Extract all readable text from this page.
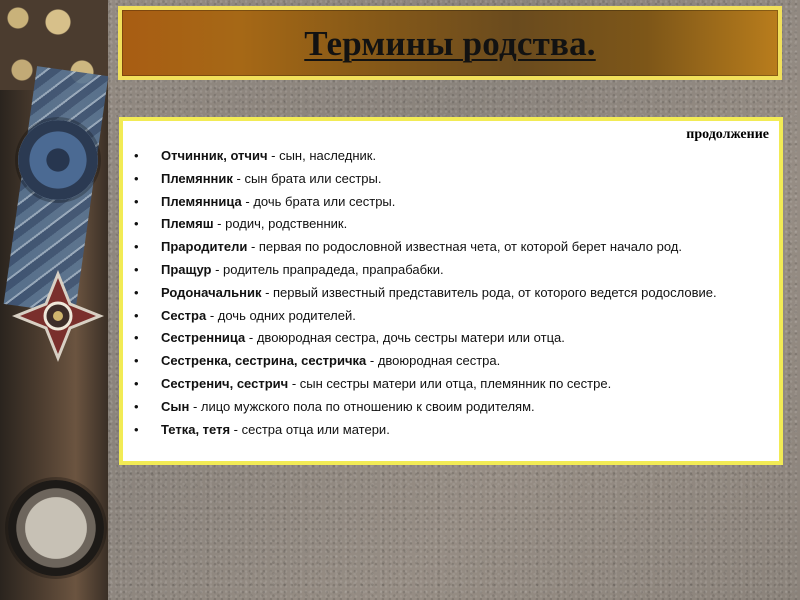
Термины родства.
продолжение
• Отчинник, отчич - сын, наследник.
• Племянник - сын брата или сестры.
• Племянница - дочь брата или сестры.
• Племяш - родич, родственник.
• Прародители - первая по родословной известная чета, от которой берет начало род.
• Пращур - родитель прапрадеда, прапрабабки.
• Родоначальник - первый известный представитель рода, от которого ведется родословие.
• Сестра - дочь одних родителей.
• Сестренница - двоюродная сестра, дочь сестры матери или отца.
• Сестренка, сестрина, сестричка - двоюродная сестра.
• Сестренич, сестрич - сын сестры матери или отца, племянник по сестре.
• Сын - лицо мужского пола по отношению к своим родителям.
• Тетка, тетя - сестра отца или матери.
